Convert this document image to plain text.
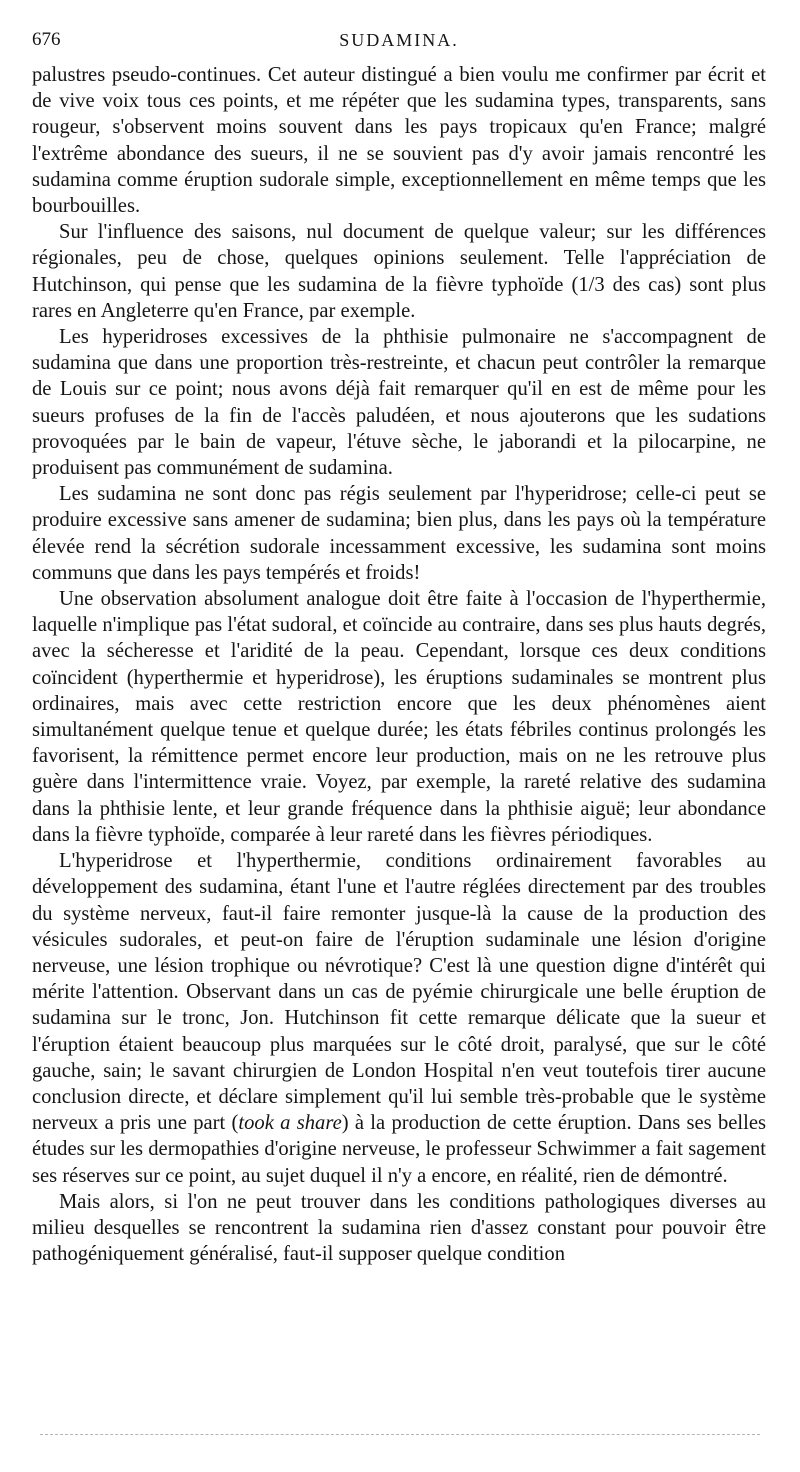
676	SUDAMINA.

palustres pseudo-continues. Cet auteur distingué a bien voulu me confirmer par écrit et de vive voix tous ces points, et me répéter que les sudamina types, transparents, sans rougeur, s'observent moins souvent dans les pays tropicaux qu'en France; malgré l'extrême abondance des sueurs, il ne se souvient pas d'y avoir jamais rencontré les sudamina comme éruption sudorale simple, exceptionnellement en même temps que les bourbouilles.

Sur l'influence des saisons, nul document de quelque valeur; sur les différences régionales, peu de chose, quelques opinions seulement. Telle l'appréciation de Hutchinson, qui pense que les sudamina de la fièvre typhoïde (1/3 des cas) sont plus rares en Angleterre qu'en France, par exemple.

Les hyperidroses excessives de la phthisie pulmonaire ne s'accompagnent de sudamina que dans une proportion très-restreinte, et chacun peut contrôler la remarque de Louis sur ce point; nous avons déjà fait remarquer qu'il en est de même pour les sueurs profuses de la fin de l'accès paludéen, et nous ajouterons que les sudations provoquées par le bain de vapeur, l'étuve sèche, le jaborandi et la pilocarpine, ne produisent pas communément de sudamina.

Les sudamina ne sont donc pas régis seulement par l'hyperidrose; celle-ci peut se produire excessive sans amener de sudamina; bien plus, dans les pays où la température élevée rend la sécrétion sudorale incessamment excessive, les sudamina sont moins communs que dans les pays tempérés et froids!

Une observation absolument analogue doit être faite à l'occasion de l'hyperthermie, laquelle n'implique pas l'état sudoral, et coïncide au contraire, dans ses plus hauts degrés, avec la sécheresse et l'aridité de la peau. Cependant, lorsque ces deux conditions coïncident (hyperthermie et hyperidrose), les éruptions sudaminales se montrent plus ordinaires, mais avec cette restriction encore que les deux phénomènes aient simultanément quelque tenue et quelque durée; les états fébriles continus prolongés les favorisent, la rémittence permet encore leur production, mais on ne les retrouve plus guère dans l'intermittence vraie. Voyez, par exemple, la rareté relative des sudamina dans la phthisie lente, et leur grande fréquence dans la phthisie aiguë; leur abondance dans la fièvre typhoïde, comparée à leur rareté dans les fièvres périodiques.

L'hyperidrose et l'hyperthermie, conditions ordinairement favorables au développement des sudamina, étant l'une et l'autre réglées directement par des troubles du système nerveux, faut-il faire remonter jusque-là la cause de la production des vésicules sudorales, et peut-on faire de l'éruption sudaminale une lésion d'origine nerveuse, une lésion trophique ou névrotique? C'est là une question digne d'intérêt qui mérite l'attention. Observant dans un cas de pyémie chirurgicale une belle éruption de sudamina sur le tronc, Jon. Hutchinson fit cette remarque délicate que la sueur et l'éruption étaient beaucoup plus marquées sur le côté droit, paralysé, que sur le côté gauche, sain; le savant chirurgien de London Hospital n'en veut toutefois tirer aucune conclusion directe, et déclare simplement qu'il lui semble très-probable que le système nerveux a pris une part (took a share) à la production de cette éruption. Dans ses belles études sur les dermopathies d'origine nerveuse, le professeur Schwimmer a fait sagement ses réserves sur ce point, au sujet duquel il n'y a encore, en réalité, rien de démontré.

Mais alors, si l'on ne peut trouver dans les conditions pathologiques diverses au milieu desquelles se rencontrent la sudamina rien d'assez constant pour pouvoir être pathogéniquement généralisé, faut-il supposer quelque condition
